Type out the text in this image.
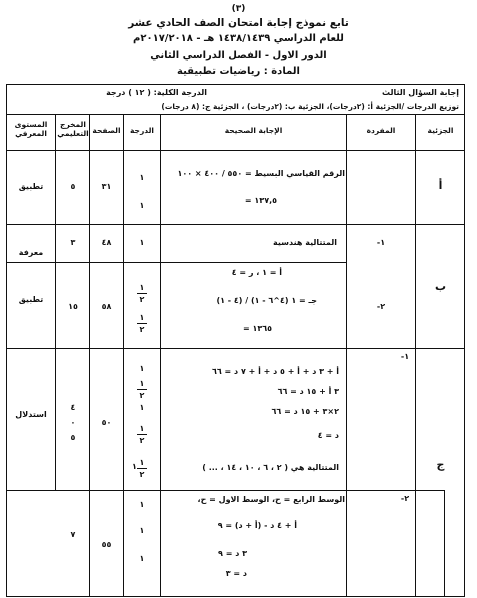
(٣)
تابع نموذج إجابة امتحان الصف الحادي عشر
للعام الدراسي ١٤٣٨/١٤٣٩ هـ - ٢٠١٧/٢٠١٨م
الدور الاول - الفصل الدراسي الثاني
المادة : رياضيات تطبيقية
إجابة السؤال الثالث
الدرجة الكلية: ( ١٢ ) درجة
توزيع الدرجات /الجزئية أ: (٢درجات)، الجزئية ب: (٢درجات) ، الجزئية ج: (٨ درجات)
الجزئية
المفردة
الإجابة الصحيحة
الدرجة
الصفحة
المخرج التعليمي
المستوى المعرفي
أ
الرقم القياسي البسيط = ٥٥٠ / ٤٠٠ × ١٠٠
= ١٣٧,٥
١
١
٣١
٥
تطبيق
-١
المتتالية هندسية
١
٤٨
٣
معرفة
ب
-٢
أ = ١ ، ر = ٤
جـ = ١ (٤^٦ - ١) / (٤ - ١)
= ١٣٦٥
١
٢
١
٢
٥٨
١٥
تطبيق
ج
-١
أ + ٣ د + أ + ٥ د + أ + ٧ د = ٦٦
٣ أ + ١٥ د = ٦٦
٢×٣ + ١٥ د = ٦٦
د = ٤
المتتالية هي ( ٢ ، ٦ ، ١٠ ، ١٤ ، ... )
١
١
٢
١
١
٢
١
٢
١
٥٠
٤
٠
٥
استدلال
-٢
الوسط الرابع = ح، الوسط الاول = ح،
أ + ٤ د - (أ + د) = ٩
٣ د = ٩
د = ٣
١
١
١
٥٥
٧
